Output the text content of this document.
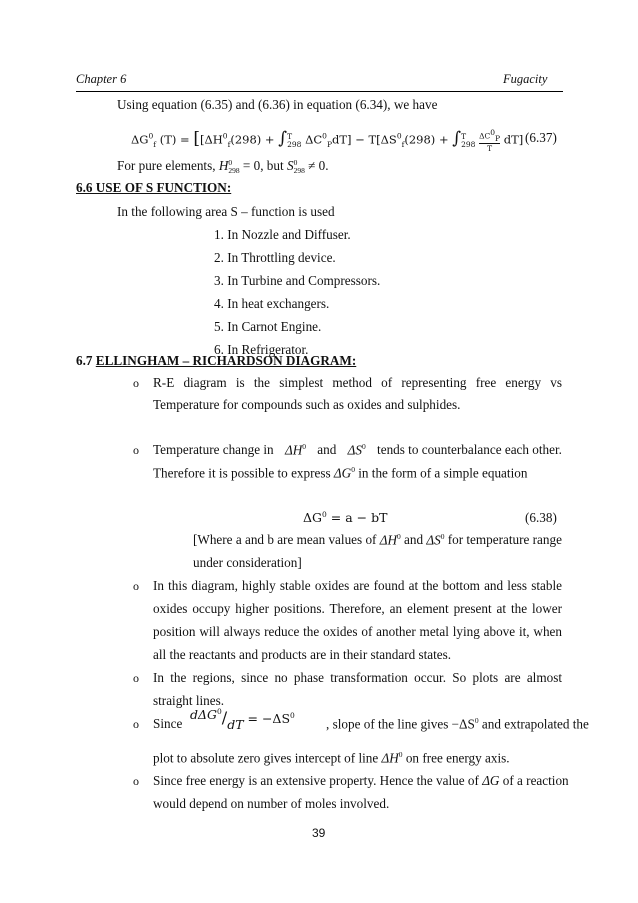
Chapter 6	Fugacity
Using equation (6.35) and (6.36) in equation (6.34), we have
$\Delta G^0_f$ $(T) = [[\Delta H^0_f(298)$ + ∫ T
298 $\Delta C^0_PdT] - T[\Delta S^0_f(298)$ + ∫ T
298
$\frac{\Delta C^0_P}{T} dT$] (6.37)
For pure elements, H 0
298 = 0, but S 0
298 ≠ 0.
6.6 USE OF S FUNCTION:
In the following area S – function is used
1. In Nozzle and Diffuser.
2. In Throttling device.
3. In Turbine and Compressors.
4. In heat exchangers.
5. In Carnot Engine.
6. In Refrigerator.
6.7 ELLINGHAM – RICHARDSON DIAGRAM:
o R-E diagram is the simplest method of representing free energy vs
Temperature for compounds such as oxides and sulphides.
o Temperature change in $\Delta H^0$ and $\Delta S^0$ tends to counterbalance each other.
Therefore it is possible to express $\Delta G^0$ in the form of a simple equation
$\Delta G^0 = a$ − bT	(6.38)
[Where a and b are mean values of $\Delta H^0$ and $\Delta S^0$ for temperature range
under consideration]
o In this diagram, highly stable oxides are found at the bottom and less stable
oxides occupy higher positions. Therefore, an element present at the lower
position will always reduce the oxides of another metal lying above it, when
all the reactants and products are in their standard states.
o In the regions, since no phase transformation occur. So plots are almost
straight lines.
o Since
$d\Delta G^0/dT = -\Delta S^0$
, slope of the line gives $-\Delta S^0$ and extrapolated the
plot to absolute zero gives intercept of line $\Delta H^0$ on free energy axis.
o Since free energy is an extensive property. Hence the value of ΔG of a reaction
would depend on number of moles involved.
39
